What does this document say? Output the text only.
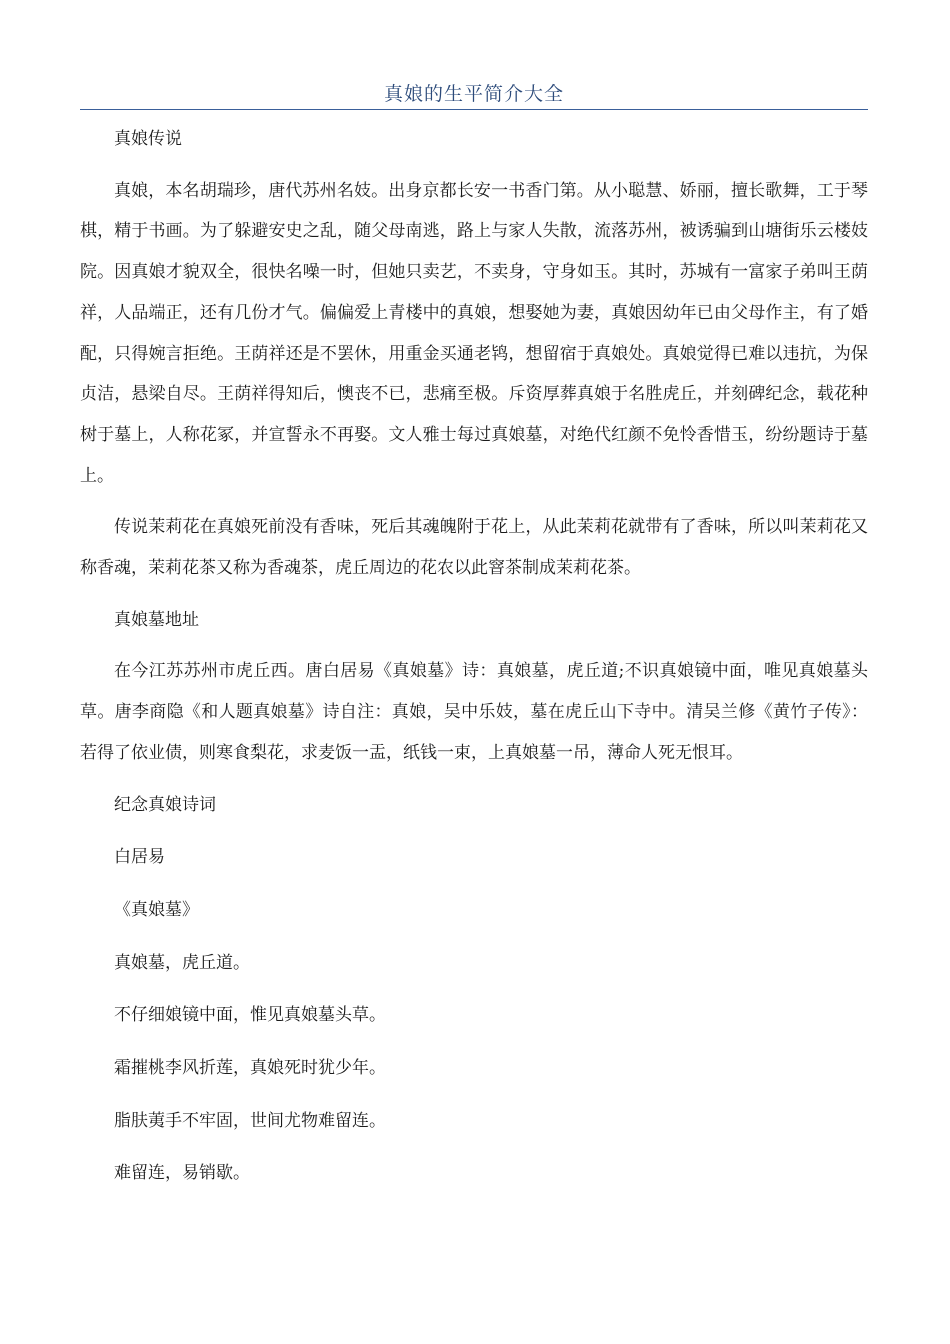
真娘的生平简介大全

真娘传说

真娘，本名胡瑞珍，唐代苏州名妓。出身京都长安一书香门第。从小聪慧、娇丽，擅长歌舞，工于琴棋，精于书画。为了躲避安史之乱，随父母南逃，路上与家人失散，流落苏州，被诱骗到山塘街乐云楼妓院。因真娘才貌双全，很快名噪一时，但她只卖艺，不卖身，守身如玉。其时，苏城有一富家子弟叫王荫祥，人品端正，还有几份才气。偏偏爱上青楼中的真娘，想娶她为妻，真娘因幼年已由父母作主，有了婚配，只得婉言拒绝。王荫祥还是不罢休，用重金买通老鸨，想留宿于真娘处。真娘觉得已难以违抗，为保贞洁，悬梁自尽。王荫祥得知后，懊丧不已，悲痛至极。斥资厚葬真娘于名胜虎丘，并刻碑纪念，载花种树于墓上，人称花冢，并宣誓永不再娶。文人雅士每过真娘墓，对绝代红颜不免怜香惜玉，纷纷题诗于墓上。

传说茉莉花在真娘死前没有香味，死后其魂魄附于花上，从此茉莉花就带有了香味，所以叫茉莉花又称香魂，茉莉花茶又称为香魂茶，虎丘周边的花农以此窨茶制成茉莉花茶。

真娘墓地址

在今江苏苏州市虎丘西。唐白居易《真娘墓》诗：真娘墓，虎丘道;不识真娘镜中面，唯见真娘墓头草。唐李商隐《和人题真娘墓》诗自注：真娘，吴中乐妓，墓在虎丘山下寺中。清吴兰修《黄竹子传》：若得了依业债，则寒食梨花，求麦饭一盂，纸钱一束，上真娘墓一吊，薄命人死无恨耳。

纪念真娘诗词

白居易

《真娘墓》

真娘墓，虎丘道。

不仔细娘镜中面，惟见真娘墓头草。

霜摧桃李风折莲，真娘死时犹少年。

脂肤荑手不牢固，世间尤物难留连。

难留连，易销歇。
